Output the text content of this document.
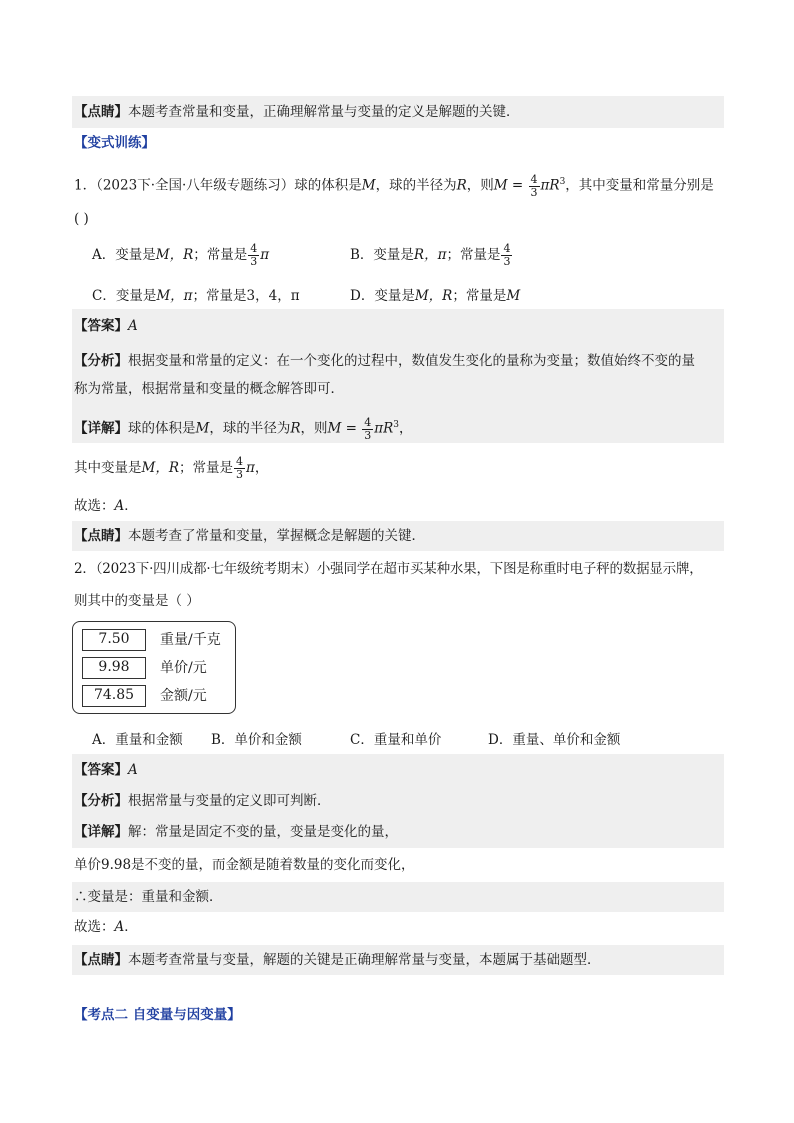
【点睛】本题考查常量和变量，正确理解常量与变量的定义是解题的关键．
【变式训练】
1．（2023下·全国·八年级专题练习）球的体积是M，球的半径为R，则$M = \frac{4}{3} \pi R^3$，其中变量和常量分别是
( )
A．变量是M，R；常量是 $\frac{4}{3}$ π	B．变量是R，π；常量是 $\frac{4}{3}$
C．变量是M，π；常量是3，4，π	D．变量是M，R；常量是M
【答案】A
【分析】根据变量和常量的定义：在一个变化的过程中，数值发生变化的量称为变量；数值始终不变的量
称为常量，根据常量和变量的概念解答即可．
【详解】球的体积是M，球的半径为R，则$M = \frac{4}{3} \pi R^3$，
其中变量是M，R；常量是 $\frac{4}{3}$ π，
故选：A．
【点睛】本题考查了常量和变量，掌握概念是解题的关键．
2．（2023下·四川成都·七年级统考期末）小强同学在超市买某种水果，下图是称重时电子秤的数据显示牌，
则其中的变量是（ ）
7.50	重量/千克
9.98	单价/元
74.85	金额/元
A．重量和金额 B．单价和金额	C．重量和单价	D．重量、单价和金额
【答案】A
【分析】根据常量与变量的定义即可判断．
【详解】解：常量是固定不变的量，变量是变化的量，
单价9.98是不变的量，而金额是随着数量的变化而变化，
∴变量是：重量和金额．
故选：A．
【点睛】本题考查常量与变量，解题的关键是正确理解常量与变量，本题属于基础题型．
【考点二 自变量与因变量】
